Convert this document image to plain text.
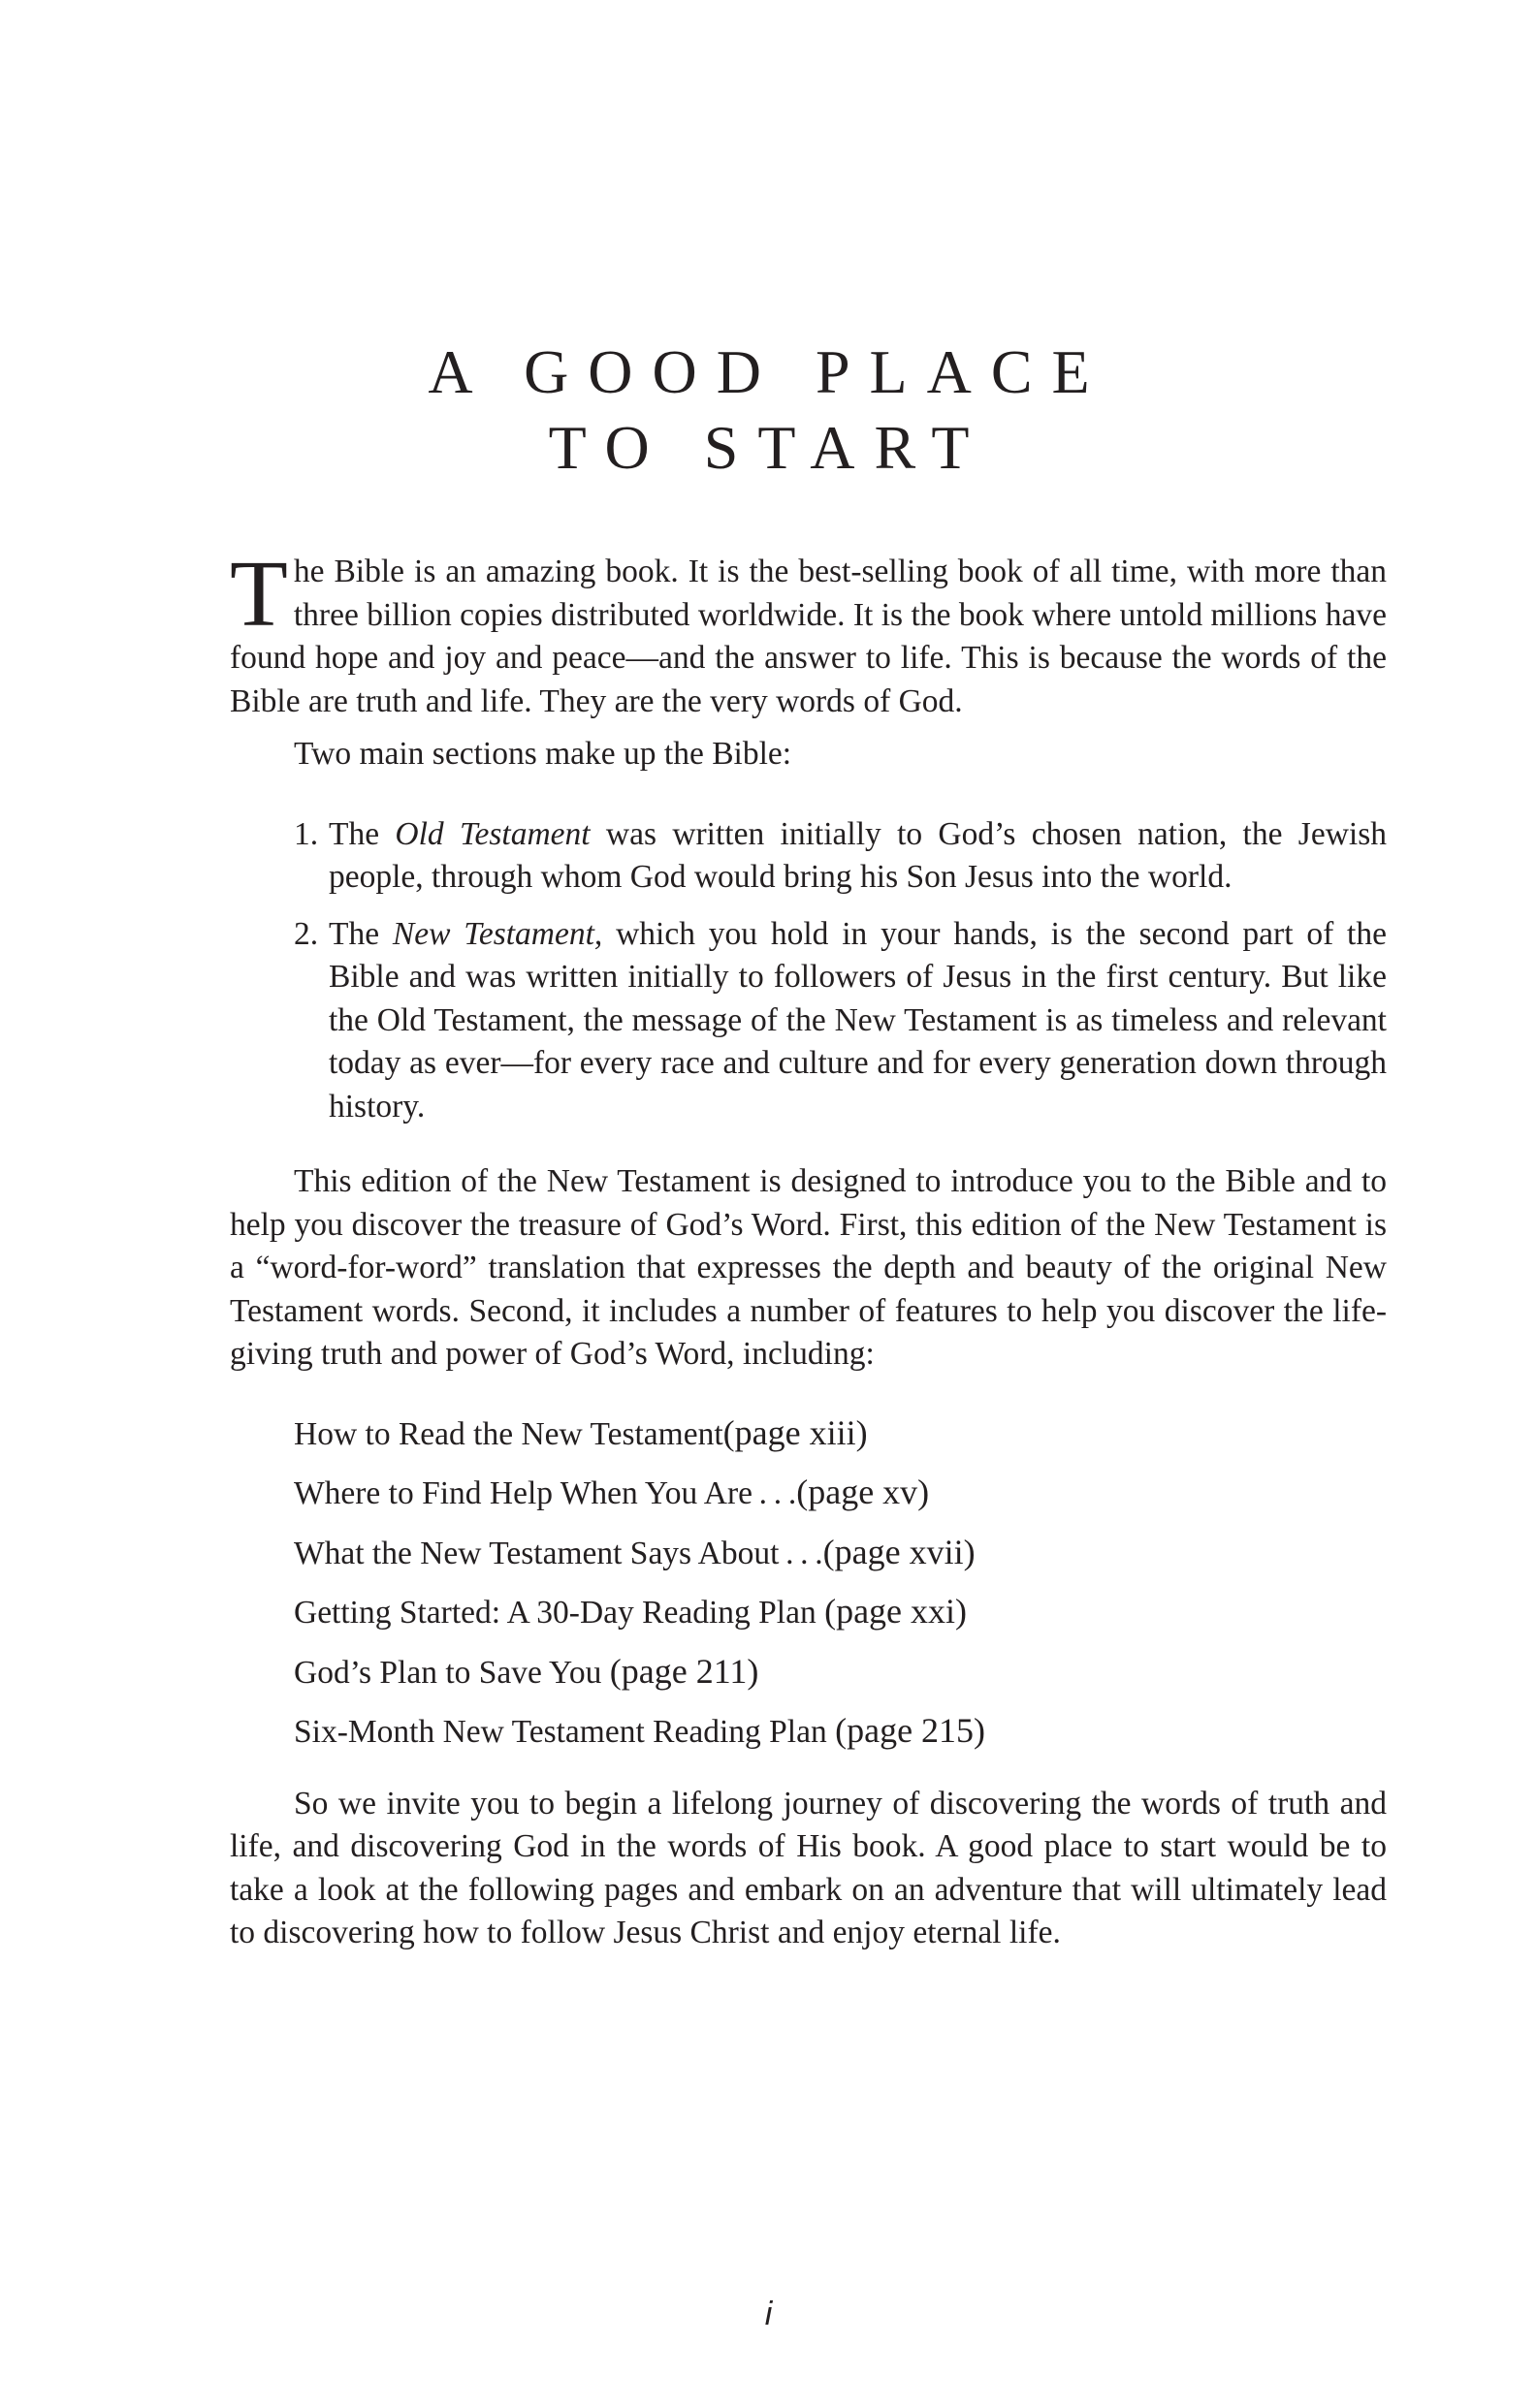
A GOOD PLACE
TO START

The Bible is an amazing book. It is the best-selling book of all time, with more than three billion copies distributed worldwide. It is the book where untold millions have found hope and joy and peace—and the answer to life. This is because the words of the Bible are truth and life. They are the very words of God.

Two main sections make up the Bible:

1. The Old Testament was written initially to God’s chosen nation, the Jewish people, through whom God would bring his Son Jesus into the world.
2. The New Testament, which you hold in your hands, is the second part of the Bible and was written initially to followers of Jesus in the first century. But like the Old Testament, the message of the New Testament is as timeless and relevant today as ever—for every race and culture and for every generation down through history.

This edition of the New Testament is designed to introduce you to the Bible and to help you discover the treasure of God’s Word. First, this edition of the New Testament is a “word-for-word” translation that expresses the depth and beauty of the original New Testament words. Second, it includes a number of features to help you discover the life-giving truth and power of God’s Word, including:

How to Read the New Testament(page xiii)
Where to Find Help When You Are . . .(page xv)
What the New Testament Says About . . .(page xvii)
Getting Started: A 30-Day Reading Plan (page xxi)
God’s Plan to Save You (page 211)
Six-Month New Testament Reading Plan (page 215)

So we invite you to begin a lifelong journey of discovering the words of truth and life, and discovering God in the words of His book. A good place to start would be to take a look at the following pages and embark on an adventure that will ultimately lead to discovering how to follow Jesus Christ and enjoy eternal life.

i
